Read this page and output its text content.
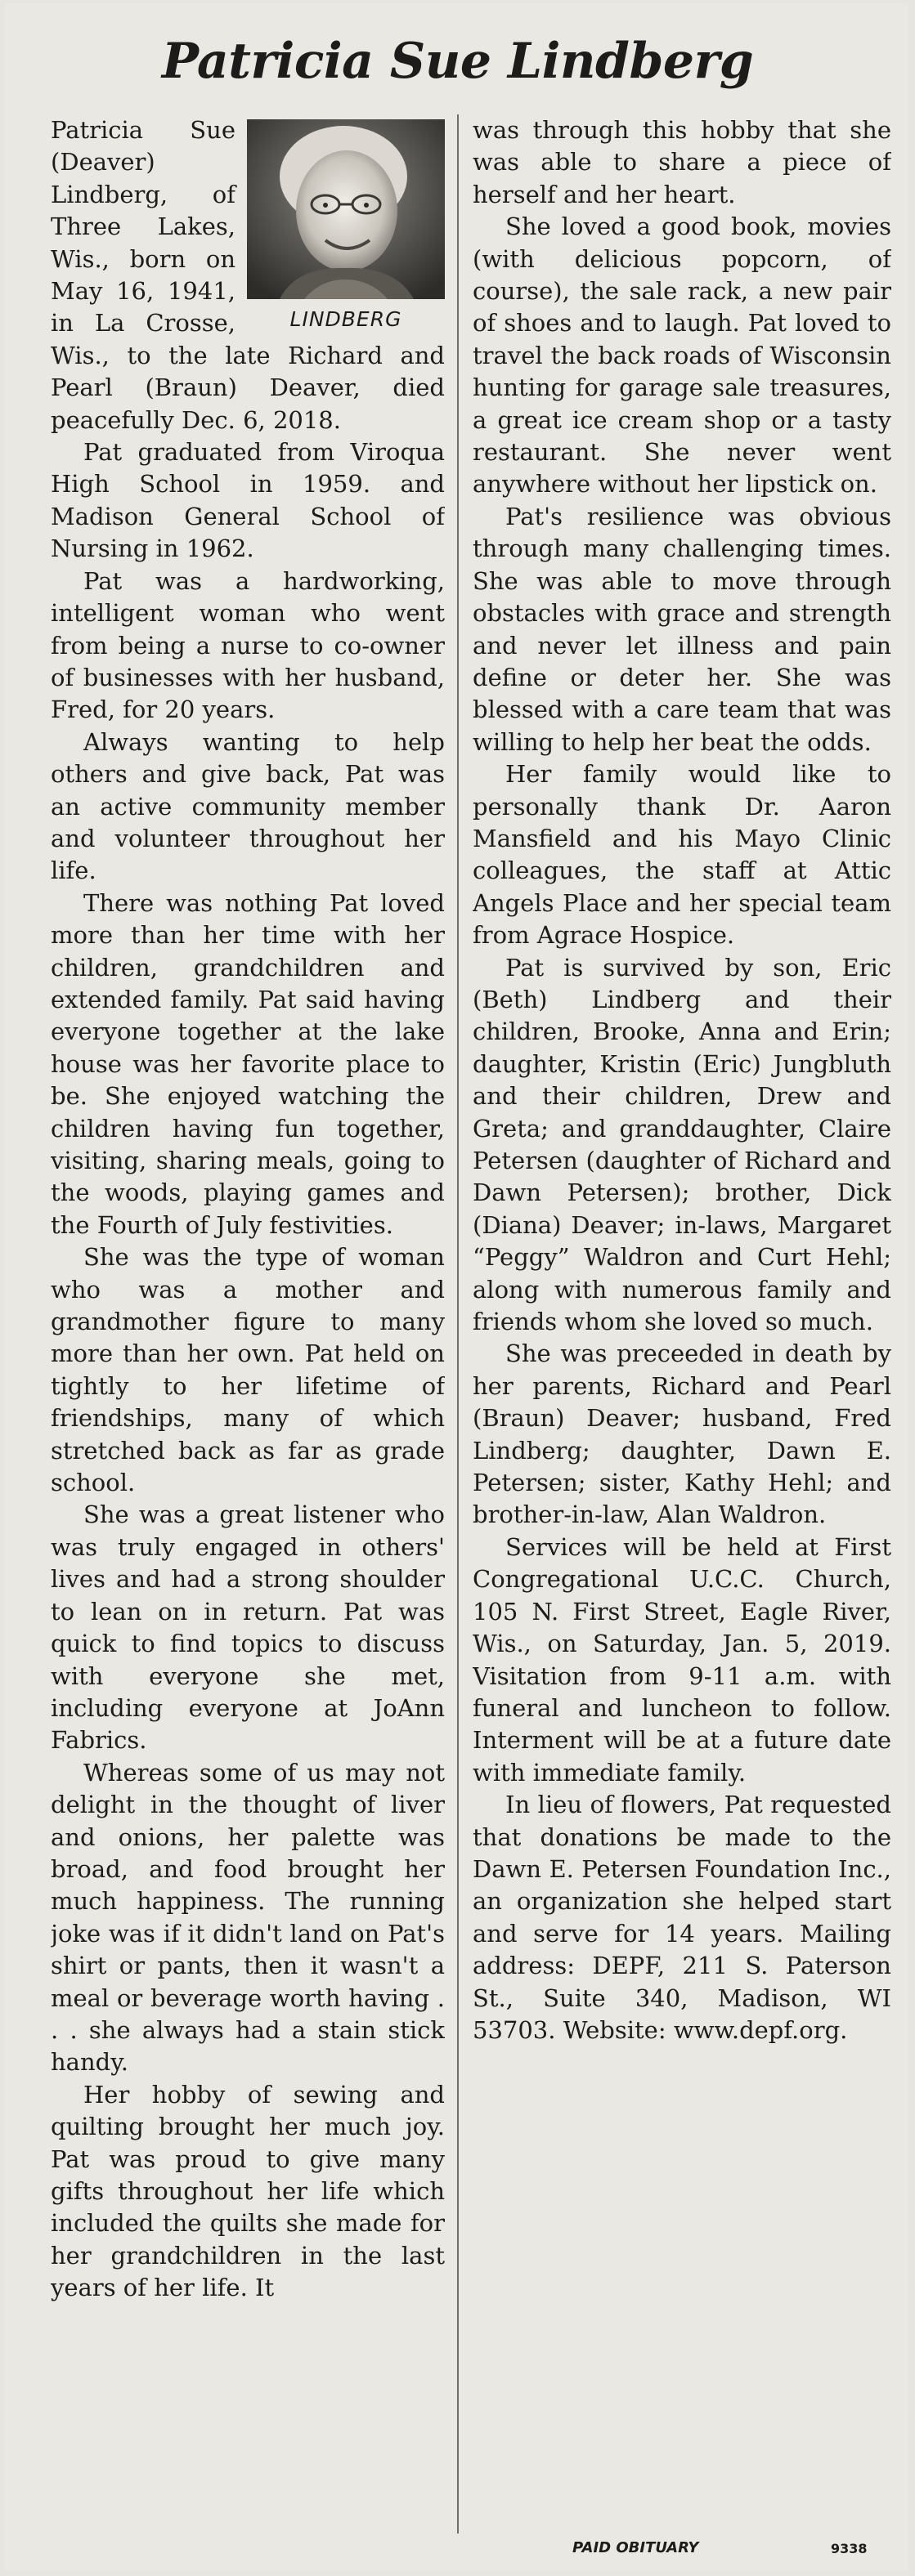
Patricia Sue Lindberg

LINDBERG
Patricia Sue (Deaver) Lindberg, of Three Lakes, Wis., born on May 16, 1941, in La Crosse, Wis., to the late Richard and Pearl (Braun) Deaver, died peacefully Dec. 6, 2018.

Pat graduated from Viroqua High School in 1959. and Madison General School of Nursing in 1962.

Pat was a hardworking, intelligent woman who went from being a nurse to co-owner of businesses with her husband, Fred, for 20 years.

Always wanting to help others and give back, Pat was an active community member and volunteer throughout her life.

There was nothing Pat loved more than her time with her children, grandchildren and extended family. Pat said having everyone together at the lake house was her favorite place to be. She enjoyed watching the children having fun together, visiting, sharing meals, going to the woods, playing games and the Fourth of July festivities.

She was the type of woman who was a mother and grandmother figure to many more than her own. Pat held on tightly to her lifetime of friendships, many of which stretched back as far as grade school.

She was a great listener who was truly engaged in others' lives and had a strong shoulder to lean on in return. Pat was quick to find topics to discuss with everyone she met, including everyone at JoAnn Fabrics.

Whereas some of us may not delight in the thought of liver and onions, her palette was broad, and food brought her much happiness. The running joke was if it didn't land on Pat's shirt or pants, then it wasn't a meal or beverage worth having . . . she always had a stain stick handy.

Her hobby of sewing and quilting brought her much joy. Pat was proud to give many gifts throughout her life which included the quilts she made for her grandchildren in the last years of her life. It

was through this hobby that she was able to share a piece of herself and her heart.

She loved a good book, movies (with delicious popcorn, of course), the sale rack, a new pair of shoes and to laugh. Pat loved to travel the back roads of Wisconsin hunting for garage sale treasures, a great ice cream shop or a tasty restaurant. She never went anywhere without her lipstick on.

Pat's resilience was obvious through many challenging times. She was able to move through obstacles with grace and strength and never let illness and pain define or deter her. She was blessed with a care team that was willing to help her beat the odds.

Her family would like to personally thank Dr. Aaron Mansfield and his Mayo Clinic colleagues, the staff at Attic Angels Place and her special team from Agrace Hospice.

Pat is survived by son, Eric (Beth) Lindberg and their children, Brooke, Anna and Erin; daughter, Kristin (Eric) Jungbluth and their children, Drew and Greta; and granddaughter, Claire Petersen (daughter of Richard and Dawn Petersen); brother, Dick (Diana) Deaver; in-laws, Margaret “Peggy” Waldron and Curt Hehl; along with numerous family and friends whom she loved so much.

She was preceeded in death by her parents, Richard and Pearl (Braun) Deaver; husband, Fred Lindberg; daughter, Dawn E. Petersen; sister, Kathy Hehl; and brother-in-law, Alan Waldron.

Services will be held at First Congregational U.C.C. Church, 105 N. First Street, Eagle River, Wis., on Saturday, Jan. 5, 2019. Visitation from 9-11 a.m. with funeral and luncheon to follow. Interment will be at a future date with immediate family.

In lieu of flowers, Pat requested that donations be made to the Dawn E. Petersen Foundation Inc., an organization she helped start and serve for 14 years. Mailing address: DEPF, 211 S. Paterson St., Suite 340, Madison, WI 53703. Website: www.depf.org.

PAID OBITUARY	9338
